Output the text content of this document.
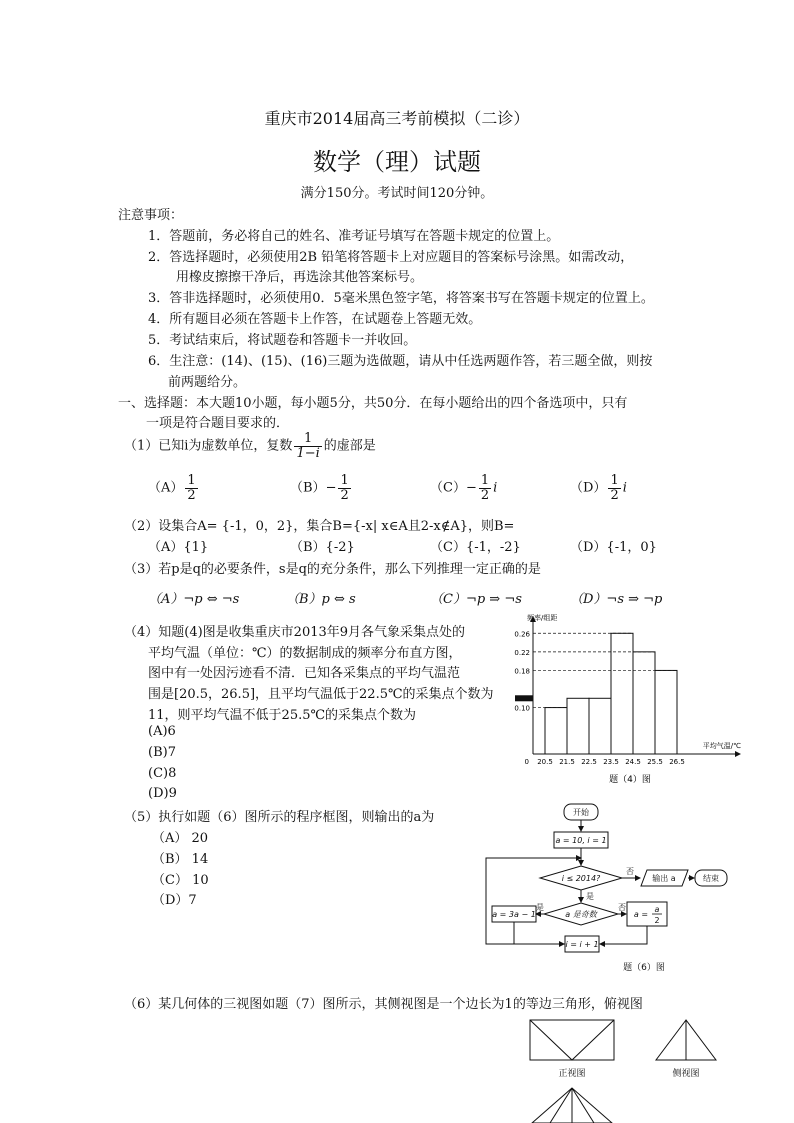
重庆市2014届高三考前模拟（二诊）
数学（理）试题
满分150分。考试时间120分钟。
注意事项：
1．答题前，务必将自己的姓名、准考证号填写在答题卡规定的位置上。
2．答选择题时，必须使用2B 铅笔将答题卡上对应题目的答案标号涂黑。如需改动，
用橡皮擦擦干净后，再选涂其他答案标号。
3．答非选择题时，必须使用0．5毫米黑色签字笔，将答案书写在答题卡规定的位置上。
4．所有题目必须在答题卡上作答，在试题卷上答题无效。
5．考试结束后，将试题卷和答题卡一并收回。
6．生注意：(14)、(15)、(16)三题为选做题，请从中任选两题作答，若三题全做，则按
前两题给分。
一、选择题：本大题10小题，每小题5分，共50分．在每小题给出的四个备选项中，只有
一项是符合题目要求的．
（1）已知i为虚数单位，复数 $\frac{1}{1-i}$ 的虚部是
$(A) \frac{1}{2}$	$(B)- \frac{1}{2}$	$(C)- \frac{1}{2}$ i	$(D) \frac{1}{2}$ i
（2）设集合A= {-1，0，2}，集合B={-x| x∈A且2-x∉A}，则B=
（A）{1}	（B）{-2}	（C）{-1，-2}	（D）{-1，0}
（3）若p是q的必要条件，s是q的充分条件，那么下列推理一定正确的是
（A）¬p ⇔ ¬s	（B）p ⇔ s	（C）¬p ⇒ ¬s	（D）¬s ⇒ ¬p
（4）知题(4)图是收集重庆市2013年9月各气象采集点处的
平均气温（单位：℃）的数据制成的频率分布直方图，
图中有一处因污迹看不清．已知各采集点的平均气温范
围是[20.5，26.5]，且平均气温低于22.5℃的采集点个数为
11，则平均气温不低于25.5℃的采集点个数为
(A)6
(B)7
(C)8
(D)9
0.26
0.22
0.18
0.10
20.5 21.5 22.5 23.5 24.5 25.5 26.5
0
频率/组距
平均气温/℃
题（4）图
（5）执行如题（6）图所示的程序框图，则输出的a为
（A） 20
（B） 14
（C） 10
（D）7
开始
a = 10, i = 1
i ≤ 2014?
否
输出 a	结束
是
a 是奇数
是	否
a = 3a − 1	a =
a
2
i = i + 1
题（6）图
（6）某几何体的三视图如题（7）图所示，其侧视图是一个边长为1的等边三角形，俯视图
正视图	侧视图
